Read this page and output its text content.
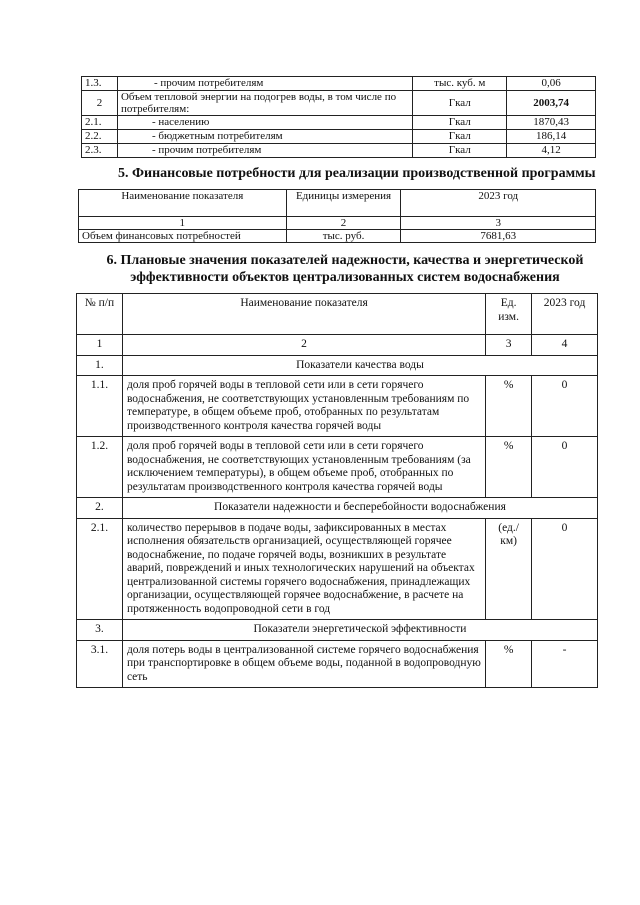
1.3.	- прочим потребителям	тыс. куб. м	0,06
2	Объем тепловой энергии на подогрев воды, в том числе по потребителям:	Гкал	2003,74
2.1.	- населению	Гкал	1870,43
2.2.	- бюджетным потребителям	Гкал	186,14
2.3.	- прочим потребителям	Гкал	4,12
5. Финансовые потребности для реализации производственной программы
Наименование показателя	Единицы измерения	2023 год
1	2	3
Объем финансовых потребностей	тыс. руб.	7681,63
6. Плановые значения показателей надежности, качества и энергетической эффективности объектов централизованных систем водоснабжения
№ п/п	Наименование показателя	Ед. изм.	2023 год
1	2	3	4
1.	Показатели качества воды		
1.1.	доля проб горячей воды в тепловой сети или в сети горячего водоснабжения, не соответствующих установленным требованиям по температуре, в общем объеме проб, отобранных по результатам производственного контроля качества горячей воды	%	0
1.2.	доля проб горячей воды в тепловой сети или в сети горячего водоснабжения, не соответствующих установленным требованиям (за исключением температуры), в общем объеме проб, отобранных по результатам производственного контроля качества горячей воды	%	0
2.	Показатели надежности и бесперебойности водоснабжения		
2.1.	количество перерывов в подаче воды, зафиксированных в местах исполнения обязательств организацией, осуществляющей горячее водоснабжение, по подаче горячей воды, возникших в результате аварий, повреждений и иных технологических нарушений на объектах централизованной системы горячего водоснабжения, принадлежащих организации, осуществляющей горячее водоснабжение, в расчете на протяженность водопроводной сети в год	(ед./км)	0
3.	Показатели энергетической эффективности		
3.1.	доля потерь воды в централизованной системе горячего водоснабжения при транспортировке в общем объеме воды, поданной в водопроводную сеть	%	-
